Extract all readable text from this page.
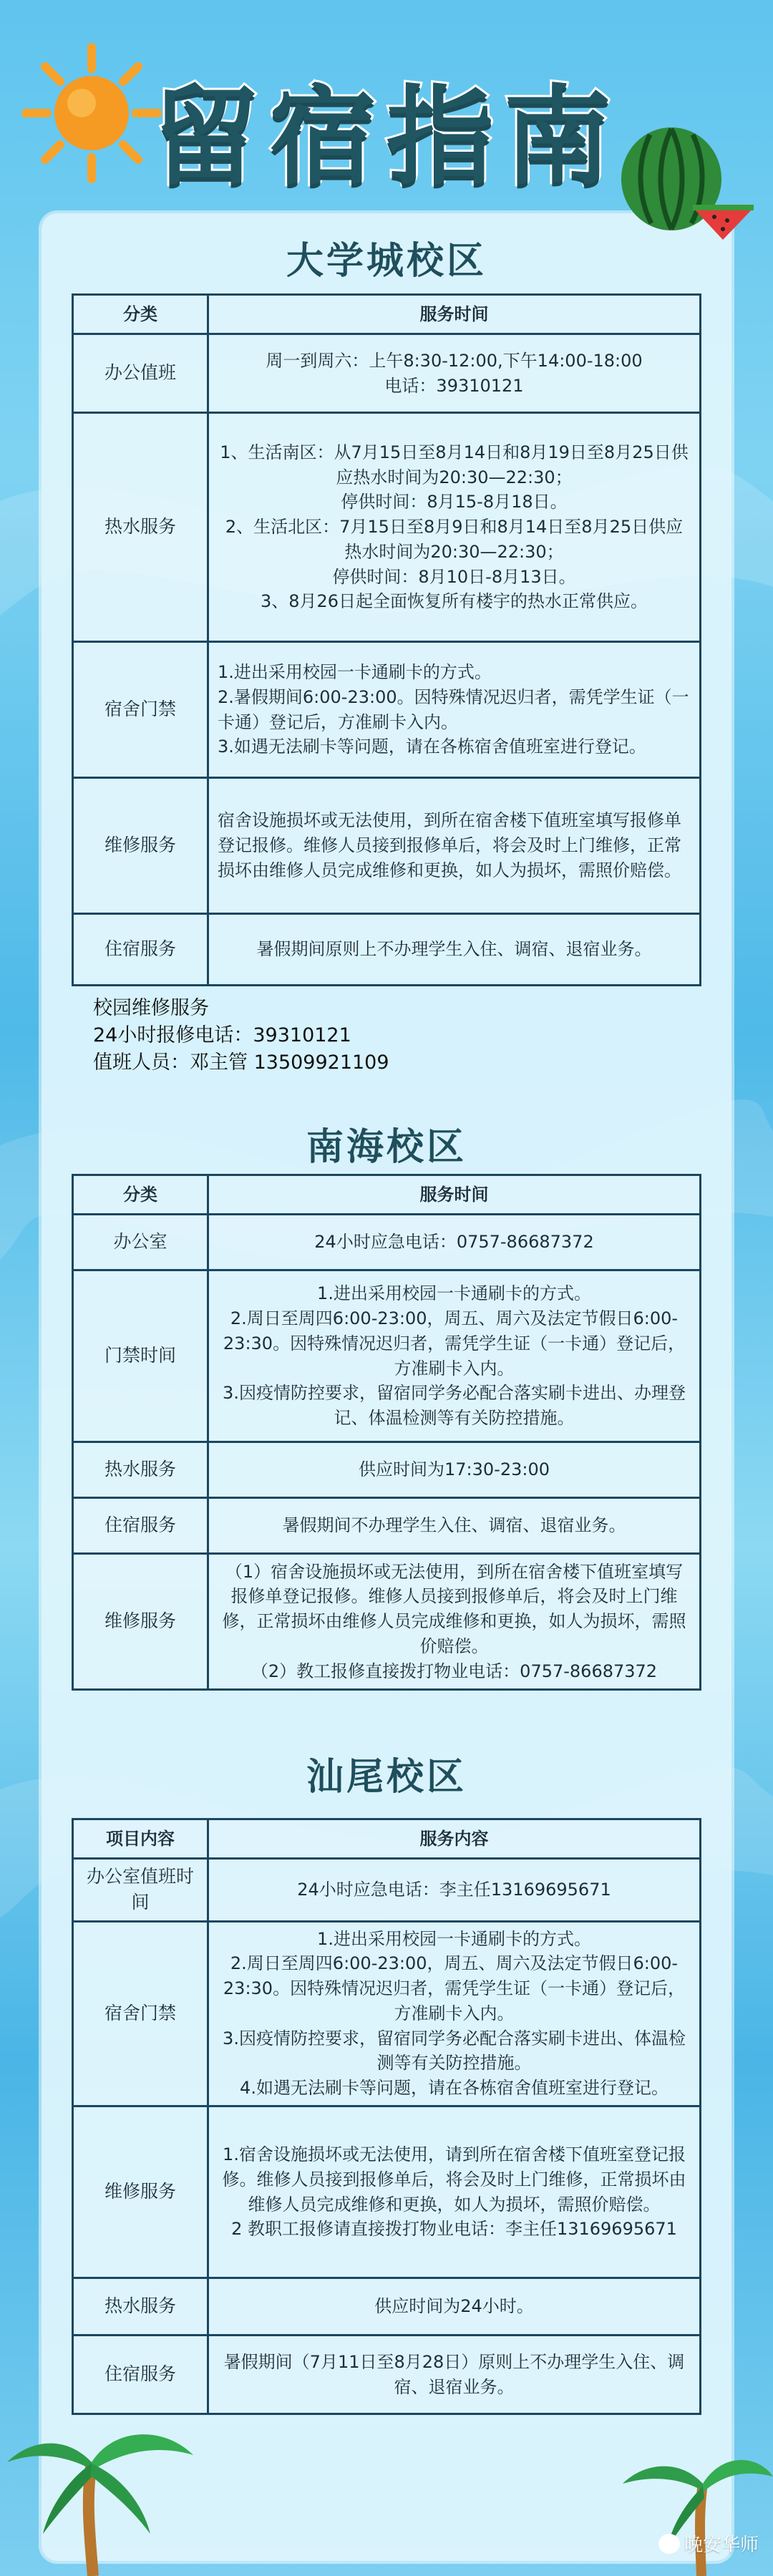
留宿指南
大学城校区
分类	服务时间
办公值班	周一到周六：上午8:30-12:00,下午14:00-18:00
电话：39310121

热水服务	1、生活南区：从7月15日至8月14日和8月19日至8月25日供应热水时间为20:30—22:30；
停供时间：8月15-8月18日。
2、生活北区：7月15日至8月9日和8月14日至8月25日供应热水时间为20:30—22:30；
停供时间：8月10日-8月13日。
3、8月26日起全面恢复所有楼宇的热水正常供应。

宿舍门禁	1.进出采用校园一卡通刷卡的方式。
2.暑假期间6:00-23:00。因特殊情况迟归者，需凭学生证（一卡通）登记后，方准刷卡入内。
3.如遇无法刷卡等问题，请在各栋宿舍值班室进行登记。

维修服务	宿舍设施损坏或无法使用，到所在宿舍楼下值班室填写报修单登记报修。维修人员接到报修单后，将会及时上门维修，正常损坏由维修人员完成维修和更换，如人为损坏，需照价赔偿。

住宿服务	暑假期间原则上不办理学生入住、调宿、退宿业务。
校园维修服务
24小时报修电话：39310121
值班人员：邓主管 13509921109
南海校区
分类	服务时间
办公室	24小时应急电话：0757-86687372

门禁时间	1.进出采用校园一卡通刷卡的方式。
2.周日至周四6:00-23:00，周五、周六及法定节假日6:00-23:30。因特殊情况迟归者，需凭学生证（一卡通）登记后，方准刷卡入内。
3.因疫情防控要求，留宿同学务必配合落实刷卡进出、办理登记、体温检测等有关防控措施。

热水服务	供应时间为17:30-23:00

住宿服务	暑假期间不办理学生入住、调宿、退宿业务。

维修服务	（1）宿舍设施损坏或无法使用，到所在宿舍楼下值班室填写报修单登记报修。维修人员接到报修单后，将会及时上门维修，正常损坏由维修人员完成维修和更换，如人为损坏，需照价赔偿。
（2）教工报修直接拨打物业电话：0757-86687372
汕尾校区
项目内容	服务内容
办公室值班时间	24小时应急电话：李主任13169695671

宿舍门禁	1.进出采用校园一卡通刷卡的方式。
2.周日至周四6:00-23:00，周五、周六及法定节假日6:00-23:30。因特殊情况迟归者，需凭学生证（一卡通）登记后，方准刷卡入内。
3.因疫情防控要求，留宿同学务必配合落实刷卡进出、体温检测等有关防控措施。
4.如遇无法刷卡等问题，请在各栋宿舍值班室进行登记。

维修服务	1.宿舍设施损坏或无法使用，请到所在宿舍楼下值班室登记报修。维修人员接到报修单后，将会及时上门维修，正常损坏由维修人员完成维修和更换，如人为损坏，需照价赔偿。
2 教职工报修请直接拨打物业电话：李主任13169695671

热水服务	供应时间为24小时。

住宿服务	暑假期间（7月11日至8月28日）原则上不办理学生入住、调宿、退宿业务。
晚安华师
